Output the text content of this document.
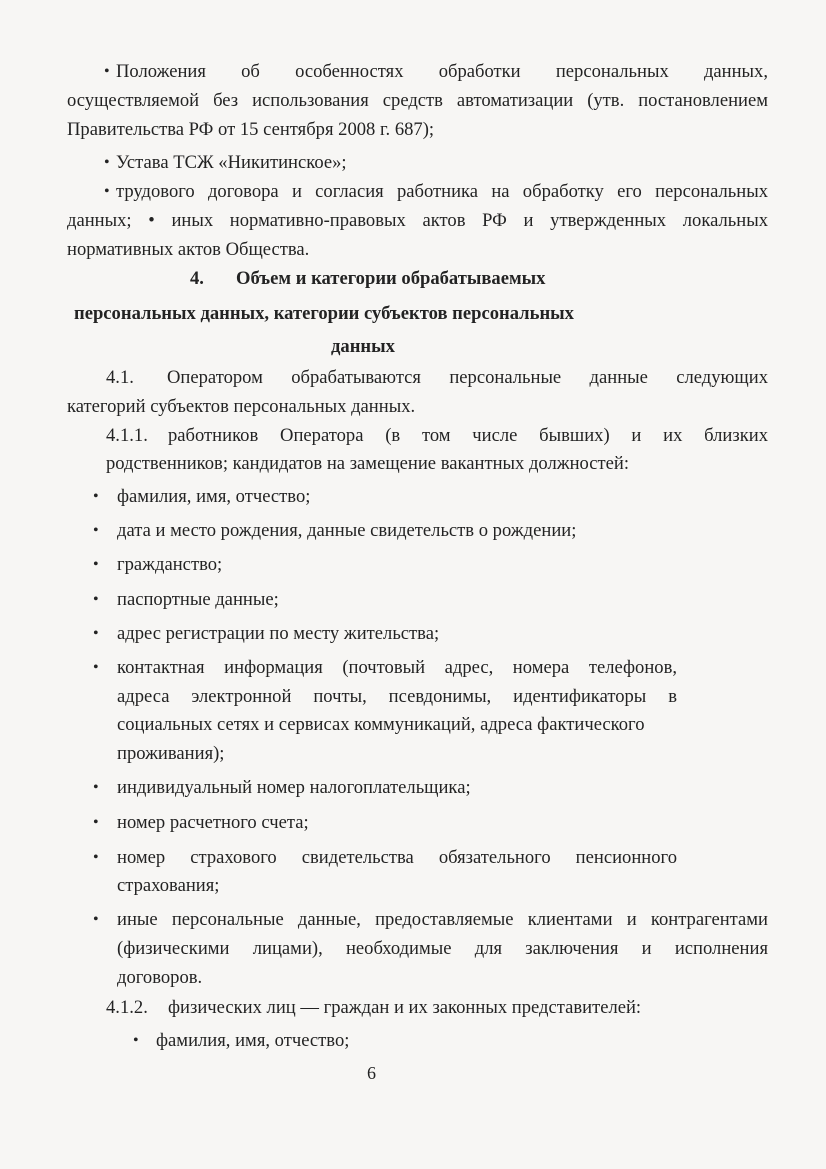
• Положения об особенностях обработки персональных данных,
осуществляемой без использования средств автоматизации (утв. постановлением
Правительства РФ от 15 сентября 2008 г. 687);
• Устава ТСЖ «Никитинское»;
• трудового договора и согласия работника на обработку его персональных
данных; • иных нормативно-правовых актов РФ и утвержденных локальных
нормативных актов Общества.
4. Объем и категории обрабатываемых
персональных данных, категории субъектов персональных
данных
4.1. Оператором обрабатываются персональные данные следующих
категорий субъектов персональных данных.
4.1.1. работников Оператора (в том числе бывших) и их близких
родственников; кандидатов на замещение вакантных должностей:
• фамилия, имя, отчество;
• дата и место рождения, данные свидетельств о рождении;
• гражданство;
• паспортные данные;
• адрес регистрации по месту жительства;
• контактная информация (почтовый адрес, номера телефонов,
адреса электронной почты, псевдонимы, идентификаторы в
социальных сетях и сервисах коммуникаций, адреса фактического
проживания);
• индивидуальный номер налогоплательщика;
• номер расчетного счета;
• номер страхового свидетельства обязательного пенсионного
страхования;
• иные персональные данные, предоставляемые клиентами и контрагентами
(физическими лицами), необходимые для заключения и исполнения
договоров.
4.1.2. физических лиц — граждан и их законных представителей:
• фамилия, имя, отчество;
6
